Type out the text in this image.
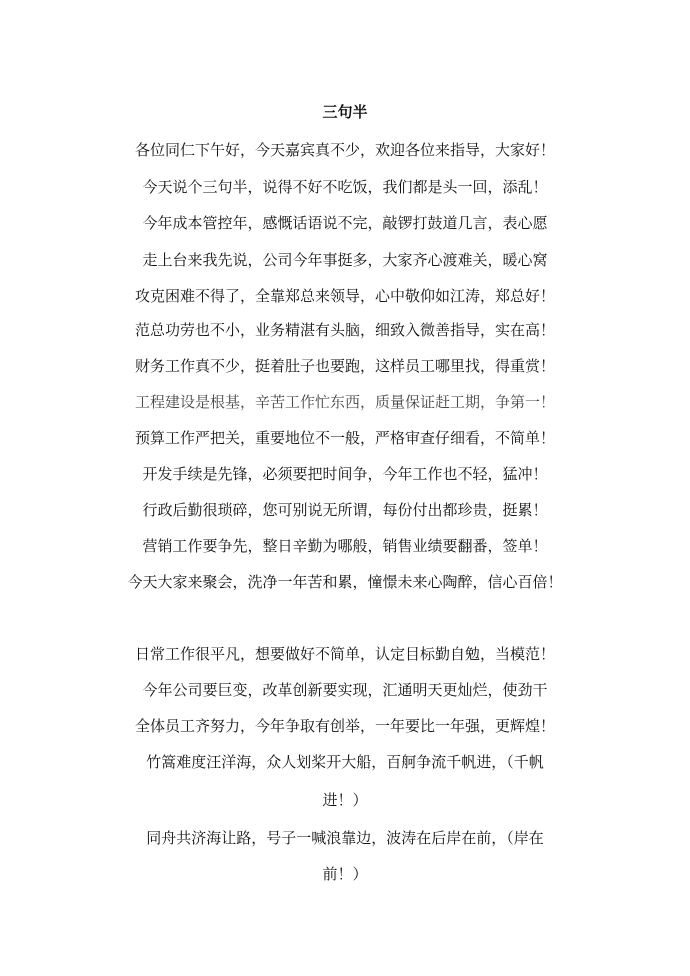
三句半
各位同仁下午好，今天嘉宾真不少，欢迎各位来指导，大家好！
今天说个三句半，说得不好不吃饭，我们都是头一回，添乱！
今年成本管控年，感慨话语说不完，敲锣打鼓道几言，表心愿
走上台来我先说，公司今年事挺多，大家齐心渡难关，暖心窝
攻克困难不得了，全靠郑总来领导，心中敬仰如江涛，郑总好！
范总功劳也不小，业务精湛有头脑，细致入微善指导，实在高！
财务工作真不少，挺着肚子也要跑，这样员工哪里找，得重赏！
工程建设是根基，辛苦工作忙东西，质量保证赶工期，争第一！
预算工作严把关，重要地位不一般，严格审查仔细看，不简单！
开发手续是先锋，必须要把时间争，今年工作也不轻，猛冲！
行政后勤很琐碎，您可别说无所谓，每份付出都珍贵，挺累！
营销工作要争先，整日辛勤为哪般，销售业绩要翻番，签单！
今天大家来聚会，洗净一年苦和累，憧憬未来心陶醉，信心百倍！
日常工作很平凡，想要做好不简单，认定目标勤自勉，当模范！
今年公司要巨变，改革创新要实现，汇通明天更灿烂，使劲干
全体员工齐努力，今年争取有创举，一年要比一年强，更辉煌！
竹篙难度汪洋海，众人划桨开大船，百舸争流千帆进，（千帆
进！）
同舟共济海让路，号子一喊浪靠边，波涛在后岸在前，（岸在
前！）
